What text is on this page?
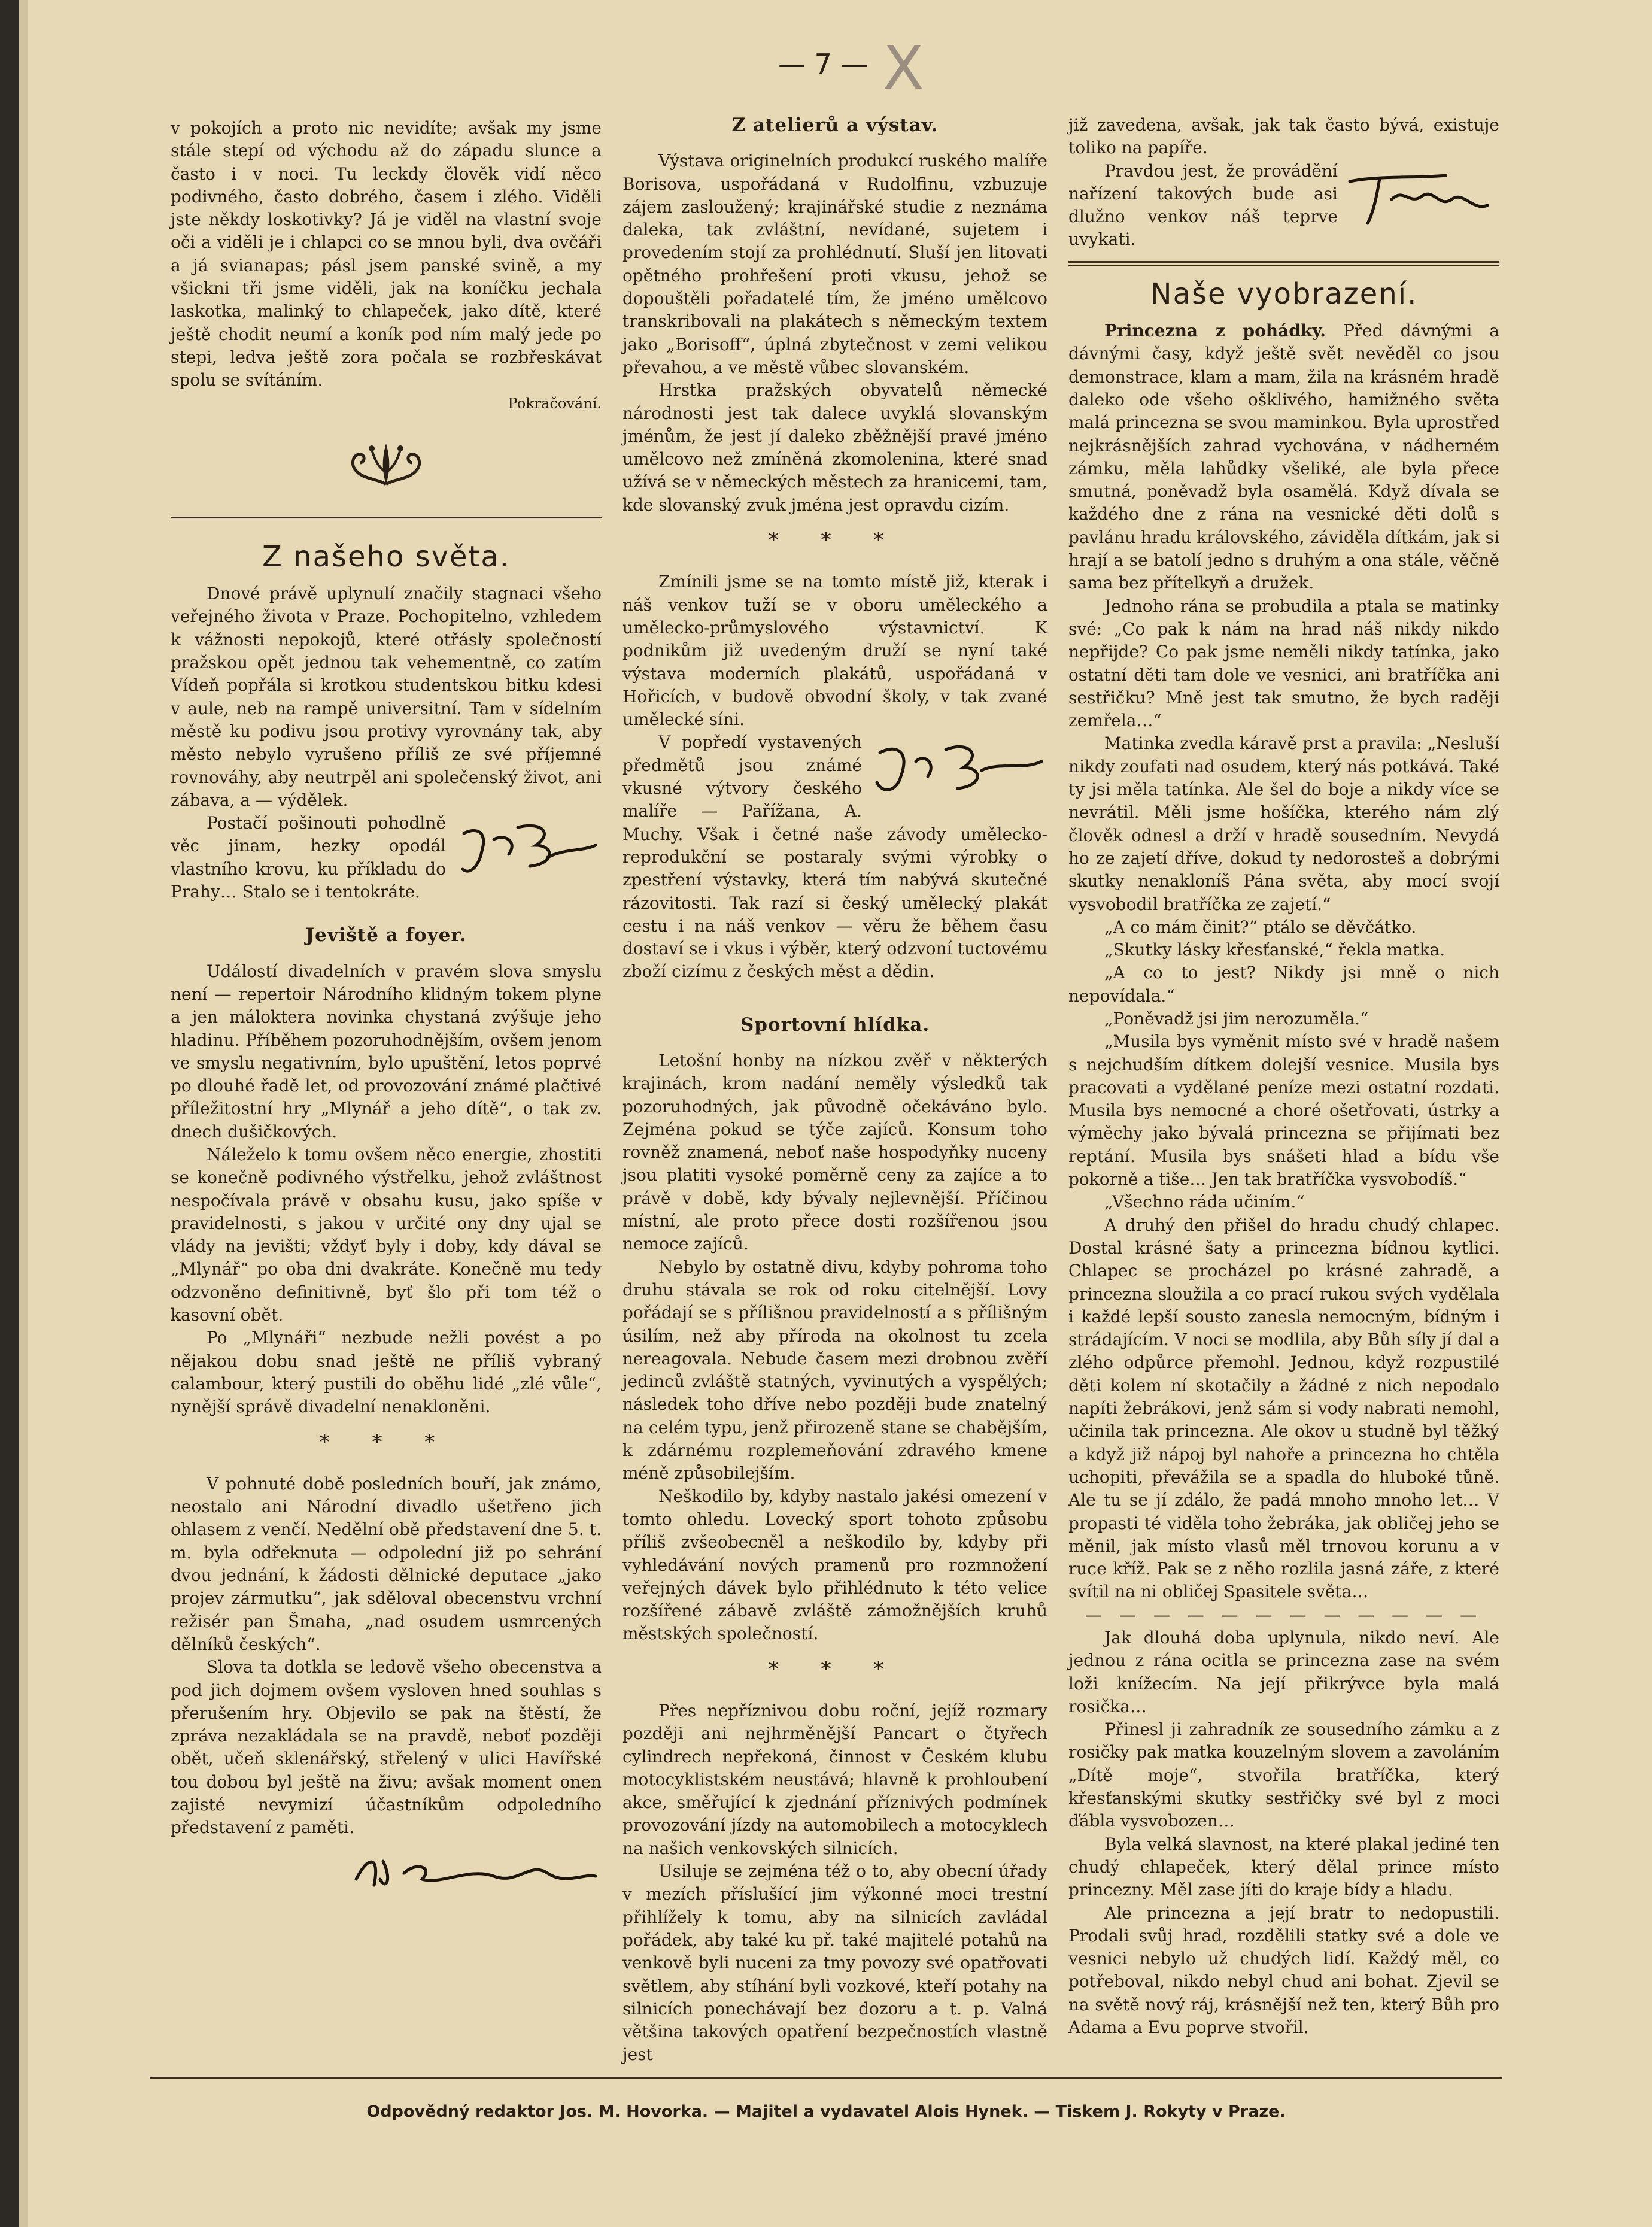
— 7 — X

v pokojích a proto nic nevidíte; avšak my jsme stále stepí od východu až do západu slunce a často i v noci. Tu leckdy člověk vidí něco podivného, často dobrého, časem i zlého. Viděli jste někdy loskotivky? Já je viděl na vlastní svoje oči a viděli je i chlapci co se mnou byli, dva ovčáři a já svianapas; pásl jsem panské svině, a my všickni tři jsme viděli, jak na koníčku jechala laskotka, malinký to chlapeček, jako dítě, které ještě chodit neumí a koník pod ním malý jede po stepi, ledva ještě zora počala se rozbřeskávat spolu se svítáním.

Pokračování.
Z našeho světa.

Dnové právě uplynulí značily stagnaci všeho veřejného života v Praze. Pochopitelno, vzhledem k vážnosti nepokojů, které otřásly společností pražskou opět jednou tak vehementně, co zatím Vídeň popřála si krotkou studentskou bitku kdesi v aule, neb na rampě universitní. Tam v sídelním městě ku podivu jsou protivy vyrovnány tak, aby město nebylo vyrušeno příliš ze své příjemné rovnováhy, aby neutrpěl ani společenský život, ani zábava, a — výdělek.

Postačí pošinouti pohodlně věc jinam, hezky opodál vlastního krovu, ku příkladu do Prahy… Stalo se i tentokráte.

Jeviště a foyer.

Událostí divadelních v pravém slova smyslu není — repertoir Národního klidným tokem plyne a jen máloktera novinka chystaná zvýšuje jeho hladinu. Příběhem pozoruhodnějším, ovšem jenom ve smyslu negativním, bylo upuštění, letos poprvé po dlouhé řadě let, od provozování známé plačtivé příležitostní hry „Mlynář a jeho dítě“, o tak zv. dnech dušičkových.

Náleželo k tomu ovšem něco energie, zhostiti se konečně podivného výstřelku, jehož zvláštnost nespočívala právě v obsahu kusu, jako spíše v pravidelnosti, s jakou v určité ony dny ujal se vlády na jevišti; vždyť byly i doby, kdy dával se „Mlynář“ po oba dni dvakráte. Konečně mu tedy odzvoněno definitivně, byť šlo při tom též o kasovní obět.

Po „Mlynáři“ nezbude nežli povést a po nějakou dobu snad ještě ne příliš vybraný calambour, který pustili do oběhu lidé „zlé vůle“, nynější správě divadelní nenakloněni.

* * *

V pohnuté době posledních bouří, jak známo, neostalo ani Národní divadlo ušetřeno jich ohlasem z venčí. Nedělní obě představení dne 5. t. m. byla odřeknuta — odpolední již po sehrání dvou jednání, k žádosti dělnické deputace „jako projev zármutku“, jak sděloval obecenstvu vrchní režisér pan Šmaha, „nad osudem usmrcených dělníků českých“.

Slova ta dotkla se ledově všeho obecenstva a pod jich dojmem ovšem vysloven hned souhlas s přerušením hry. Objevilo se pak na štěstí, že zpráva nezakládala se na pravdě, neboť později obět, učeň sklenářský, střelený v ulici Havířské tou dobou byl ještě na živu; avšak moment onen zajisté nevymizí účastníkům odpoledního představení z paměti.

Z atelierů a výstav.

Výstava originelních produkcí ruského malíře Borisova, uspořádaná v Rudolfinu, vzbuzuje zájem zasloužený; krajinářské studie z neznáma daleka, tak zvláštní, nevídané, sujetem i provedením stojí za prohlédnutí. Sluší jen litovati opětného prohřešení proti vkusu, jehož se dopouštěli pořadatelé tím, že jméno umělcovo transkribovali na plakátech s německým textem jako „Borisoff“, úplná zbytečnost v zemi velikou převahou, a ve městě vůbec slovanském.

Hrstka pražských obyvatelů německé národnosti jest tak dalece uvyklá slovanským jménům, že jest jí daleko zběžnější pravé jméno umělcovo než zmíněná zkomolenina, které snad užívá se v německých městech za hranicemi, tam, kde slovanský zvuk jména jest opravdu cizím.

* * *

Zmínili jsme se na tomto místě již, kterak i náš venkov tuží se v oboru uměleckého a umělecko-průmyslového výstavnictví. K podnikům již uvedeným druží se nyní také výstava moderních plakátů, uspořádaná v Hořicích, v budově obvodní školy, v tak zvané umělecké síni.

V popředí vystavených předmětů jsou známé vkusné výtvory českého malíře — Pařížana, A. Muchy. Však i četné naše závody umělecko-reprodukční se postaraly svými výrobky o zpestření výstavky, která tím nabývá skutečné rázovitosti. Tak razí si český umělecký plakát cestu i na náš venkov — věru že během času dostaví se i vkus i výběr, který odzvoní tuctovému zboží cizímu z českých měst a dědin.

Sportovní hlídka.

Letošní honby na nízkou zvěř v některých krajinách, krom nadání neměly výsledků tak pozoruhodných, jak původně očekáváno bylo. Zejména pokud se týče zajíců. Konsum toho rovněž znamená, neboť naše hospodyňky nuceny jsou platiti vysoké poměrně ceny za zajíce a to právě v době, kdy bývaly nejlevnější. Příčinou místní, ale proto přece dosti rozšířenou jsou nemoce zajíců.

Nebylo by ostatně divu, kdyby pohroma toho druhu stávala se rok od roku citelnější. Lovy pořádají se s přílišnou pravidelností a s přílišným úsilím, než aby příroda na okolnost tu zcela nereagovala. Nebude časem mezi drobnou zvěří jedinců zvláště statných, vyvinutých a vyspělých; následek toho dříve nebo později bude znatelný na celém typu, jenž přirozeně stane se chabějším, k zdárnému rozplemeňování zdravého kmene méně způsobilejším.

Neškodilo by, kdyby nastalo jakési omezení v tomto ohledu. Lovecký sport tohoto způsobu příliš zvšeobecněl a neškodilo by, kdyby při vyhledávání nových pramenů pro rozmnožení veřejných dávek bylo přihlédnuto k této velice rozšířené zábavě zvláště zámožnějších kruhů městských společností.

* * *

Přes nepříznivou dobu roční, jejíž rozmary později ani nejhrměnější Pancart o čtyřech cylindrech nepřekoná, činnost v Českém klubu motocyklistském neustává; hlavně k prohloubení akce, směřující k zjednání příznivých podmínek provozování jízdy na automobilech a motocyklech na našich venkovských silnicích.

Usilujе se zejména též o to, aby obecní úřady v mezích příslušící jim výkonné moci trestní přihlížely k tomu, aby na silnicích zavládal pořádek, aby také ku př. také majitelé potahů na venkově byli nuceni za tmy povozy své opatřovati světlem, aby stíhání byli vozkové, kteří potahy na silnicích ponechávají bez dozoru a t. p. Valná většina takových opatření bezpečnostích vlastně jest

již zavedena, avšak, jak tak často bývá, existuje toliko na papíře.

Pravdou jest, že provádění nařízení takových bude asi dlužno venkov náš teprve uvykati.

Naše vyobrazení.

Princezna z pohádky. Před dávnými a dávnými časy, když ještě svět nevěděl co jsou demonstrace, klam a mam, žila na krásném hradě daleko ode všeho ošklivého, hamižného světa malá princezna se svou maminkou. Byla uprostřed nejkrásnějších zahrad vychována, v nádherném zámku, měla lahůdky všeliké, ale byla přece smutná, poněvadž byla osamělá. Když dívala se každého dne z rána na vesnické děti dolů s pavlánu hradu královského, záviděla dítkám, jak si hrají a se batolí jedno s druhým a ona stále, věčně sama bez přítelkyň a družek.

Jednoho rána se probudila a ptala se matinky své: „Co pak k nám na hrad náš nikdy nikdo nepřijde? Co pak jsme neměli nikdy tatínka, jako ostatní děti tam dole ve vesnici, ani bratříčka ani sestřičku? Mně jest tak smutno, že bych raději zemřela…“

Matinka zvedla káravě prst a pravila: „Nesluší nikdy zoufati nad osudem, který nás potkává. Také ty jsi měla tatínka. Ale šel do boje a nikdy více se nevrátil. Měli jsme hošíčka, kterého nám zlý člověk odnesl a drží v hradě sousedním. Nevydá ho ze zajetí dříve, dokud ty nedorosteš a dobrými skutky nenakloníš Pána světa, aby mocí svojí vysvobodil bratříčka ze zajetí.“

„A co mám činit?“ ptálo se děvčátko.

„Skutky lásky křesťanské,“ řekla matka.

„A co to jest? Nikdy jsi mně o nich nepovídala.“

„Poněvadž jsi jim nerozuměla.“

„Musila bys vyměnit místo své v hradě našem s nejchudším dítkem dolejší vesnice. Musila bys pracovati a vydělané peníze mezi ostatní rozdati. Musila bys nemocné a choré ošetřovati, ústrky a výměchy jako bývalá princezna se přijímati bez reptání. Musila bys snášeti hlad a bídu vše pokorně a tiše… Jen tak bratříčka vysvobodíš.“

„Všechno ráda učiním.“

A druhý den přišel do hradu chudý chlapec. Dostal krásné šaty a princezna bídnou kytlici. Chlapec se procházel po krásné zahradě, a princezna sloužila a co prací rukou svých vydělala i každé lepší sousto zanesla nemocným, bídným i strádajícím. V noci se modlila, aby Bůh síly jí dal a zlého odpůrce přemohl. Jednou, když rozpustilé děti kolem ní skotačily a žádné z nich nepodalo napíti žebrákovi, jenž sám si vody nabrati nemohl, učinila tak princezna. Ale okov u studně byl těžký a když již nápoj byl nahoře a princezna ho chtěla uchopiti, převážila se a spadla do hluboké tůně. Ale tu se jí zdálo, že padá mnoho mnoho let… V propasti té viděla toho žebráka, jak obličej jeho se měnil, jak místo vlasů měl trnovou korunu a v ruce kříž. Pak se z něho rozlila jasná záře, z které svítil na ni obličej Spasitele světa…

— — — — — — — — — — — —

Jak dlouhá doba uplynula, nikdo neví. Ale jednou z rána ocitla se princezna zase na svém loži knížecím. Na její přikrývce byla malá rosička…

Přinesl ji zahradník ze sousedního zámku a z rosičky pak matka kouzelným slovem a zavoláním „Dítě moje“, stvořila bratříčka, který křesťanskými skutky sestřičky své byl z moci ďábla vysvobozen…

Byla velká slavnost, na které plakal jediné ten chudý chlapeček, který dělal prince místo princezny. Měl zase jíti do kraje bídy a hladu.

Ale princezna a její bratr to nedopustili. Prodali svůj hrad, rozdělili statky své a dole ve vesnici nebylo už chudých lidí. Každý měl, co potřeboval, nikdo nebyl chud ani bohat. Zjevil se na světě nový ráj, krásnější než ten, který Bůh pro Adama a Evu poprve stvořil.

Odpovědný redaktor Jos. M. Hovorka. — Majitel a vydavatel Alois Hynek. — Tiskem J. Rokyty v Praze.
